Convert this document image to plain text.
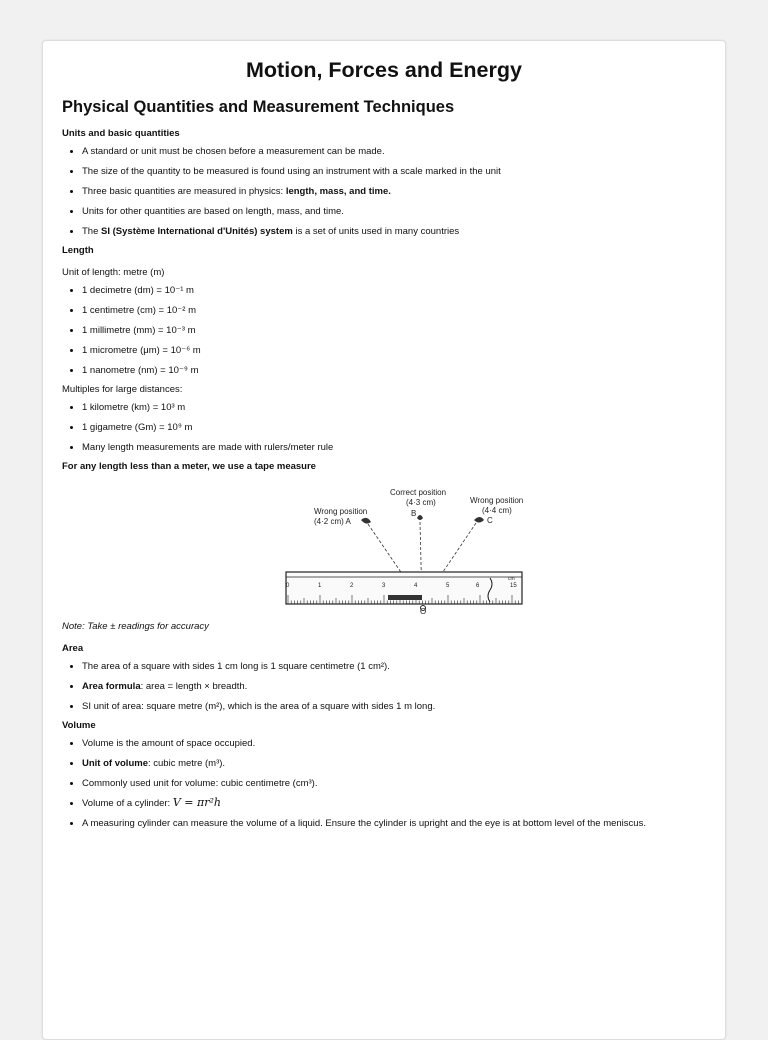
Motion, Forces and Energy
Physical Quantities and Measurement Techniques

Units and basic quantities

• A standard or unit must be chosen before a measurement can be made.
• The size of the quantity to be measured is found using an instrument with a scale marked in the unit
• Three basic quantities are measured in physics: length, mass, and time.
• Units for other quantities are based on length, mass, and time.
• The SI (Système International d'Unités) system is a set of units used in many countries

Length

Unit of length: metre (m)

• 1 decimetre (dm) = 10⁻¹ m
• 1 centimetre (cm) = 10⁻² m
• 1 millimetre (mm) = 10⁻³ m
• 1 micrometre (μm) = 10⁻⁶ m
• 1 nanometre (nm) = 10⁻⁹ m

Multiples for large distances:

• 1 kilometre (km) = 10³ m
• 1 gigametre (Gm) = 10⁹ m
• Many length measurements are made with rulers/meter rule

For any length less than a meter, we use a tape measure

Correct position
(4·3 cm)
B
Wrong position
(4·2 cm) A
Wrong position
(4·4 cm)
C
0	1	2	3	4	5	6	15
cm
O

Note: Take ± readings for accuracy

Area

• The area of a square with sides 1 cm long is 1 square centimetre (1 cm²).
• Area formula: area = length × breadth.
• SI unit of area: square metre (m²), which is the area of a square with sides 1 m long.

Volume

• Volume is the amount of space occupied.
• Unit of volume: cubic metre (m³).
• Commonly used unit for volume: cubic centimetre (cm³).
• Volume of a cylinder: V = πr²h
• A measuring cylinder can measure the volume of a liquid. Ensure the cylinder is upright and the eye is at bottom level of the meniscus.
